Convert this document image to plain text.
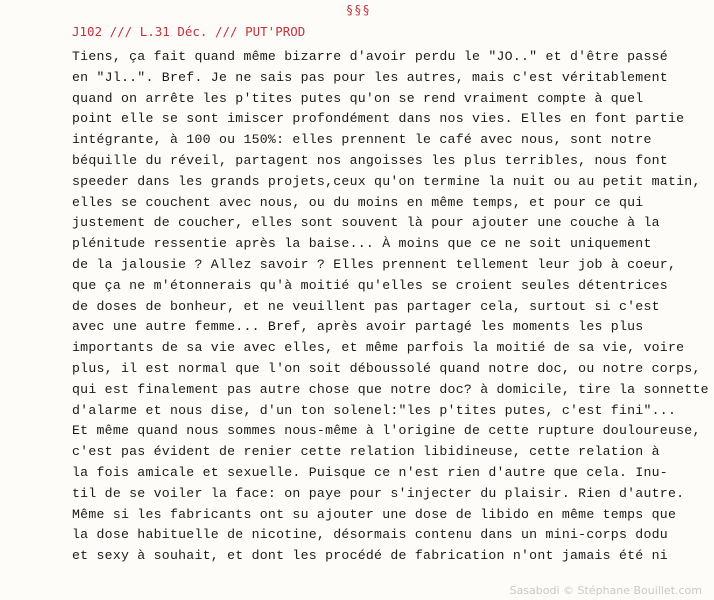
§§§
J102 /// L.31 Déc. /// PUT'PROD
Tiens, ça fait quand même bizarre d'avoir perdu le "JO.." et d'être passé
en "Jl..". Bref. Je ne sais pas pour les autres, mais c'est véritablement
quand on arrête les p'tites putes qu'on se rend vraiment compte à quel
point elle se sont imiscer profondément dans nos vies. Elles en font partie
intégrante, à 100 ou 150%: elles prennent le café avec nous, sont notre
béquille du réveil, partagent nos angoisses les plus terribles, nous font
speeder dans les grands projets,ceux qu'on termine la nuit ou au petit matin,
elles se couchent avec nous, ou du moins en même temps, et pour ce qui
justement de coucher, elles sont souvent là pour ajouter une couche à la
plénitude ressentie après la baise... À moins que ce ne soit uniquement
de la jalousie ? Allez savoir ? Elles prennent tellement leur job à coeur,
que ça ne m'étonnerais qu'à moitié qu'elles se croient seules détentrices
de doses de bonheur, et ne veuillent pas partager cela, surtout si c'est
avec une autre femme... Bref, après avoir partagé les moments les plus
importants de sa vie avec elles, et même parfois la moitié de sa vie, voire
plus, il est normal que l'on soit déboussolé quand notre doc, ou notre corps,
qui est finalement pas autre chose que notre doc? à domicile, tire la sonnette
d'alarme et nous dise, d'un ton solenel:"les p'tites putes, c'est fini"...
Et même quand nous sommes nous-même à l'origine de cette rupture douloureuse,
c'est pas évident de renier cette relation libidineuse, cette relation à
la fois amicale et sexuelle. Puisque ce n'est rien d'autre que cela. Inu-
til de se voiler la face: on paye pour s'injecter du plaisir. Rien d'autre.
Même si les fabricants ont su ajouter une dose de libido en même temps que
la dose habituelle de nicotine, désormais contenu dans un mini-corps dodu
et sexy à souhait, et dont les procédé de fabrication n'ont jamais été ni
Sasabodi © Stéphane Bouillet.com
